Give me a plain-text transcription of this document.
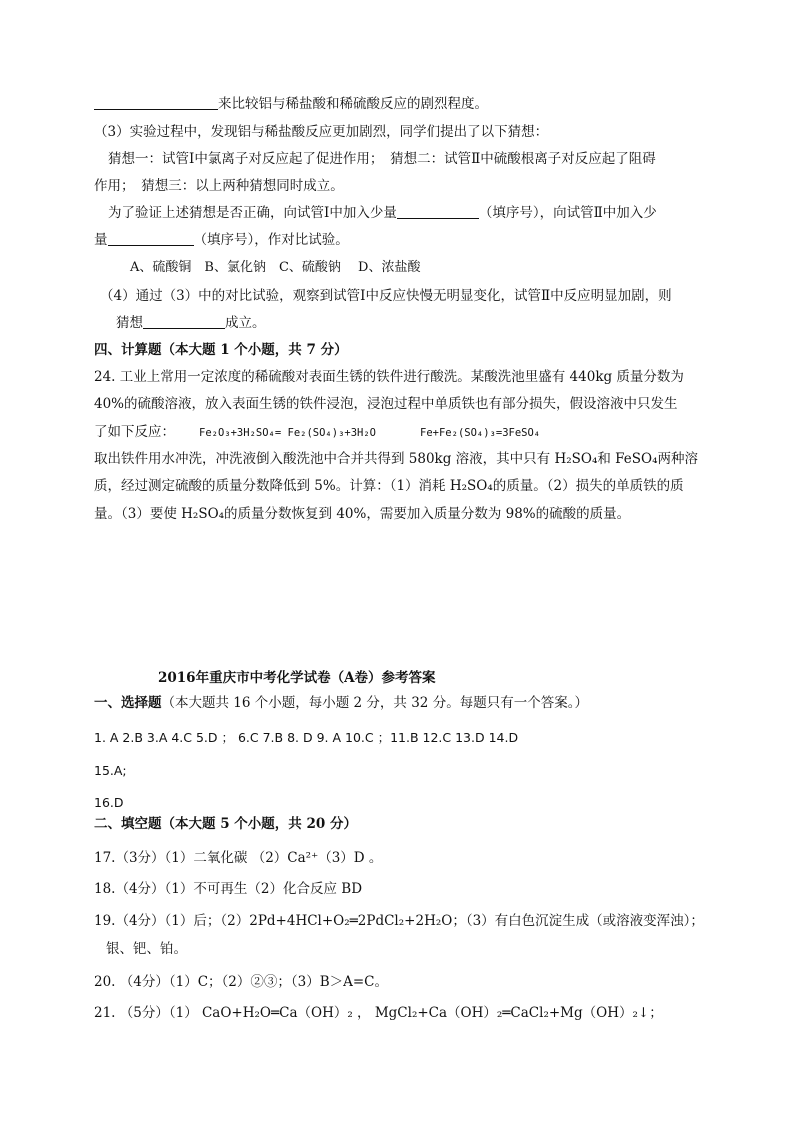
来比较铝与稀盐酸和稀硫酸反应的剧烈程度。
（3）实验过程中，发现铝与稀盐酸反应更加剧烈，同学们提出了以下猜想：
猜想一：试管Ⅰ中氯离子对反应起了促进作用；　猜想二：试管Ⅱ中硫酸根离子对反应起了阻碍
作用；　猜想三：以上两种猜想同时成立。
为了验证上述猜想是否正确，向试管Ⅰ中加入少量	（填序号），向试管Ⅱ中加入少
量	（填序号），作对比试验。
A、硫酸铜　B、氯化钠　C、硫酸钠　 D、浓盐酸
（4）通过（3）中的对比试验，观察到试管Ⅰ中反应快慢无明显变化，试管Ⅱ中反应明显加剧，则
猜想	成立。
四、计算题（本大题 1 个小题，共 7 分）
24. 工业上常用一定浓度的稀硫酸对表面生锈的铁件进行酸洗。某酸洗池里盛有 440kg 质量分数为
40%的硫酸溶液，放入表面生锈的铁件浸泡，浸泡过程中单质铁也有部分损失，假设溶液中只发生
了如下反应： Fe₂O₃+3H₂SO₄= Fe₂(SO₄)₃+3H₂O	Fe+Fe₂(SO₄)₃=3FeSO₄
取出铁件用水冲洗，冲洗液倒入酸洗池中合并共得到 580kg 溶液，其中只有 H₂SO₄和 FeSO₄两种溶
质，经过测定硫酸的质量分数降低到 5%。计算：（1）消耗 H₂SO₄的质量。（2）损失的单质铁的质
量。（3）要使 H₂SO₄的质量分数恢复到 40%，需要加入质量分数为 98%的硫酸的质量。
2016年重庆市中考化学试卷（A卷）参考答案
一、选择题（本大题共 16 个小题，每小题 2 分，共 32 分。每题只有一个答案。）
1. A 2.B 3.A 4.C 5.D ； 6.C 7.B 8. D 9. A 10.C ；11.B 12.C 13.D 14.D
15.A;
16.D
二、填空题（本大题 5 个小题，共 20 分）
17.（3分）（1）二氧化碳 （2）Ca²⁺（3）D 。
18.（4分）（1）不可再生（2）化合反应 BD
19.（4分）（1）后；（2）2Pd+4HCl+O₂═2PdCl₂+2H₂O；（3）有白色沉淀生成（或溶液变浑浊）；
银、钯、铂。
20. （4分）（1）C；（2）②③；（3）B＞A=C。
21. （5分）（1） CaO+H₂O═Ca（OH）₂ ， MgCl₂+Ca（OH）₂═CaCl₂+Mg（OH）₂↓；
